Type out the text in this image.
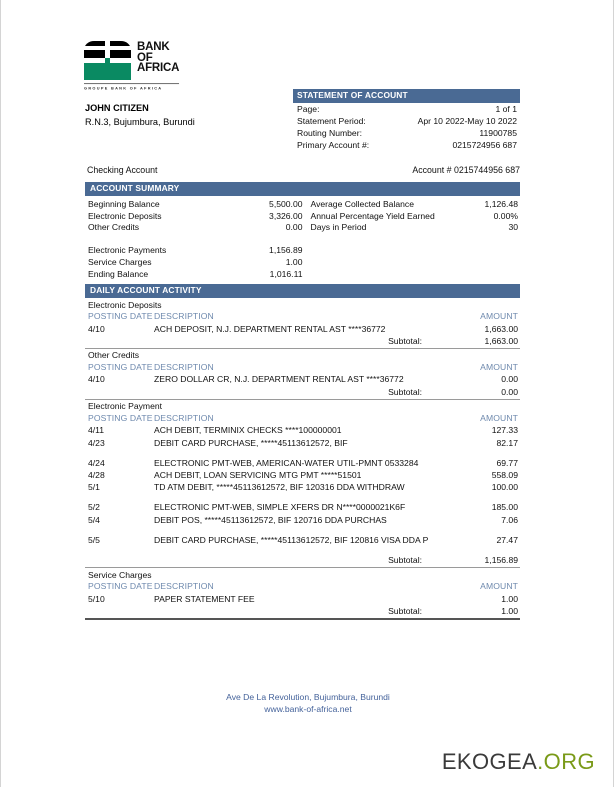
BANK
OF
AFRICA
GROUPE BANK OF AFRICA
JOHN CITIZEN
R.N.3, Bujumbura, Burundi
STATEMENT OF ACCOUNT
Page:	1 of 1
Statement Period:	Apr 10 2022-May 10 2022
Routing Number:	11900785
Primary Account #:	0215724956 687
Checking Account	Account # 0215744956 687
ACCOUNT SUMMARY
Beginning Balance	5,500.00
Electronic Deposits	3,326.00
Other Credits	0.00
Electronic Payments	1,156.89
Service Charges	1.00
Ending Balance	1,016.11
Average Collected Balance	1,126.48
Annual Percentage Yield Earned	0.00%
Days in Period	30
DAILY ACCOUNT ACTIVITY
Electronic Deposits
POSTING DATE DESCRIPTION	AMOUNT
4/10	ACH DEPOSIT, N.J. DEPARTMENT RENTAL AST ****36772	1,663.00
Subtotal:	1,663.00
Other Credits
POSTING DATE DESCRIPTION	AMOUNT
4/10	ZERO DOLLAR CR, N.J. DEPARTMENT RENTAL AST ****36772	0.00
Subtotal:	0.00
Electronic Payment
POSTING DATE DESCRIPTION	AMOUNT
4/11	ACH DEBIT, TERMINIX CHECKS ****100000001	127.33
4/23	DEBIT CARD PURCHASE, *****45113612572, BIF	82.17
4/24	ELECTRONIC PMT-WEB, AMERICAN-WATER UTIL-PMNT 0533284	69.77
4/28	ACH DEBIT, LOAN SERVICING MTG PMT *****51501	558.09
5/1	TD ATM DEBIT, *****45113612572, BIF 120316 DDA WITHDRAW	100.00
5/2	ELECTRONIC PMT-WEB, SIMPLE XFERS DR N****0000021K6F	185.00
5/4	DEBIT POS, *****45113612572, BIF 120716 DDA PURCHAS	7.06
5/5	DEBIT CARD PURCHASE, *****45113612572, BIF 120816 VISA DDA P	27.47
Subtotal:	1,156.89
Service Charges
POSTING DATE DESCRIPTION	AMOUNT
5/10	PAPER STATEMENT FEE	1.00
Subtotal:	1.00
Ave De La Revolution, Bujumbura, Burundi
www.bank-of-africa.net
EKOGEA.ORG
